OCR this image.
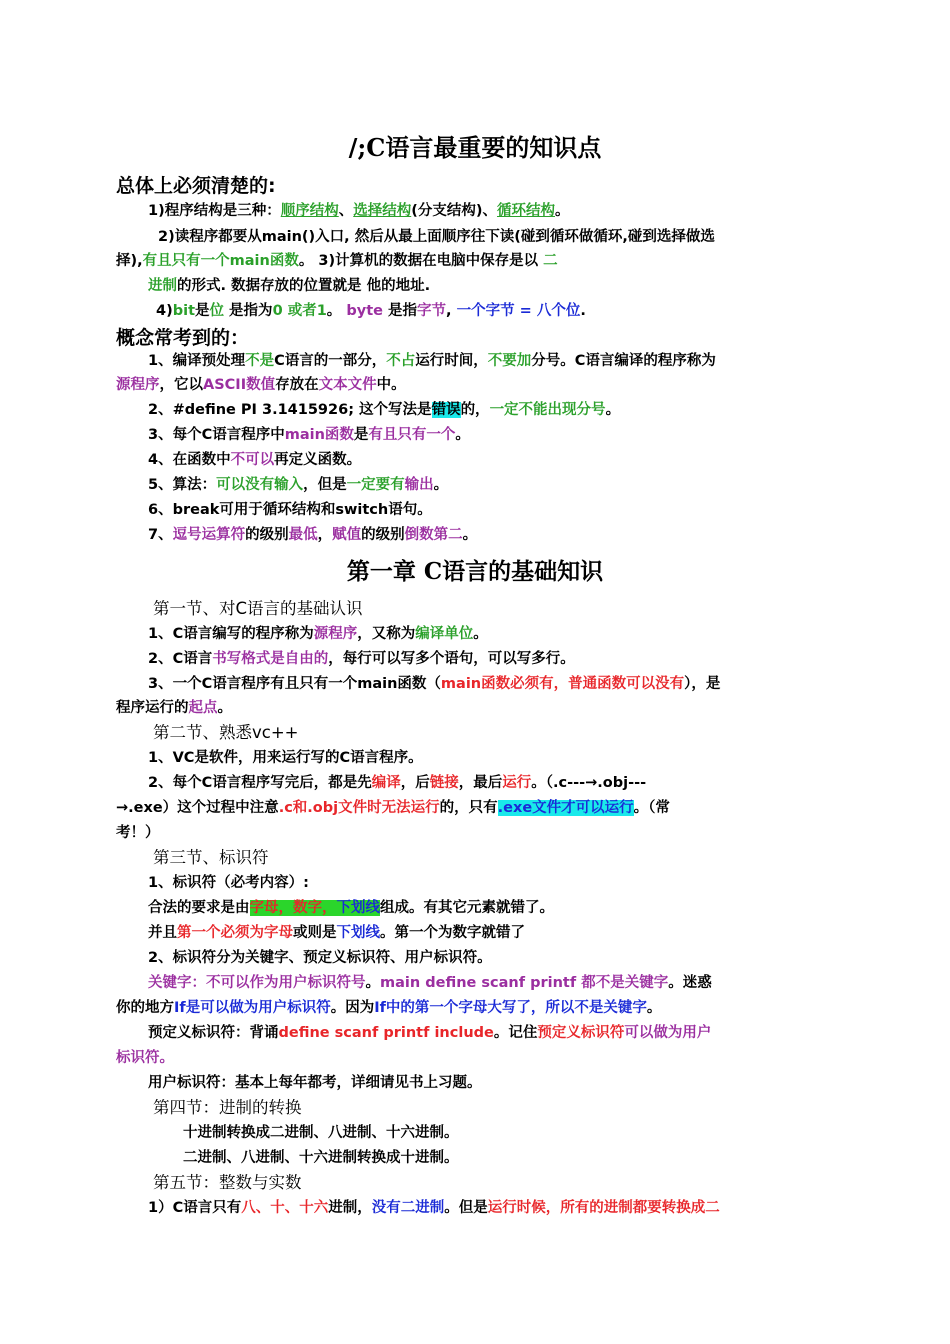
/;C语言最重要的知识点
总体上必须清楚的:
1)程序结构是三种：顺序结构、选择结构(分支结构)、循环结构。
2)读程序都要从main()入口, 然后从最上面顺序往下读(碰到循环做循环,碰到选择做选
择),有且只有一个main函数。 3)计算机的数据在电脑中保存是以 二
进制的形式. 数据存放的位置就是 他的地址.
4)bit是位 是指为0 或者1。 byte 是指字节, 一个字节 = 八个位.
概念常考到的：
1、编译预处理不是C语言的一部分，不占运行时间，不要加分号。C语言编译的程序称为
源程序，它以ASCII数值存放在文本文件中。
2、#define PI 3.1415926; 这个写法是错误的，一定不能出现分号。
3、每个C语言程序中main函数是有且只有一个。
4、在函数中不可以再定义函数。
5、算法：可以没有输入，但是一定要有输出。
6、break可用于循环结构和switch语句。
7、逗号运算符的级别最低，赋值的级别倒数第二。
第一章 C语言的基础知识
第一节、对C语言的基础认识
1、C语言编写的程序称为源程序，又称为编译单位。
2、C语言书写格式是自由的，每行可以写多个语句，可以写多行。
3、一个C语言程序有且只有一个main函数（main函数必须有，普通函数可以没有），是
程序运行的起点。
第二节、熟悉vc++
1、VC是软件，用来运行写的C语言程序。
2、每个C语言程序写完后，都是先编译，后链接，最后运行。（.c---→.obj---
→.exe）这个过程中注意.c和.obj文件时无法运行的，只有.exe文件才可以运行。（常
考！）
第三节、标识符
1、标识符（必考内容）:
合法的要求是由字母，数字，下划线组成。有其它元素就错了。
并且第一个必须为字母或则是下划线。第一个为数字就错了
2、标识符分为关键字、预定义标识符、用户标识符。
关键字：不可以作为用户标识符号。main define scanf printf 都不是关键字。迷惑
你的地方If是可以做为用户标识符。因为If中的第一个字母大写了，所以不是关键字。
预定义标识符：背诵define scanf printf include。记住预定义标识符可以做为用户
标识符。
用户标识符：基本上每年都考，详细请见书上习题。
第四节：进制的转换
十进制转换成二进制、八进制、十六进制。
二进制、八进制、十六进制转换成十进制。
第五节：整数与实数
1）C语言只有八、十、十六进制，没有二进制。但是运行时候，所有的进制都要转换成二
